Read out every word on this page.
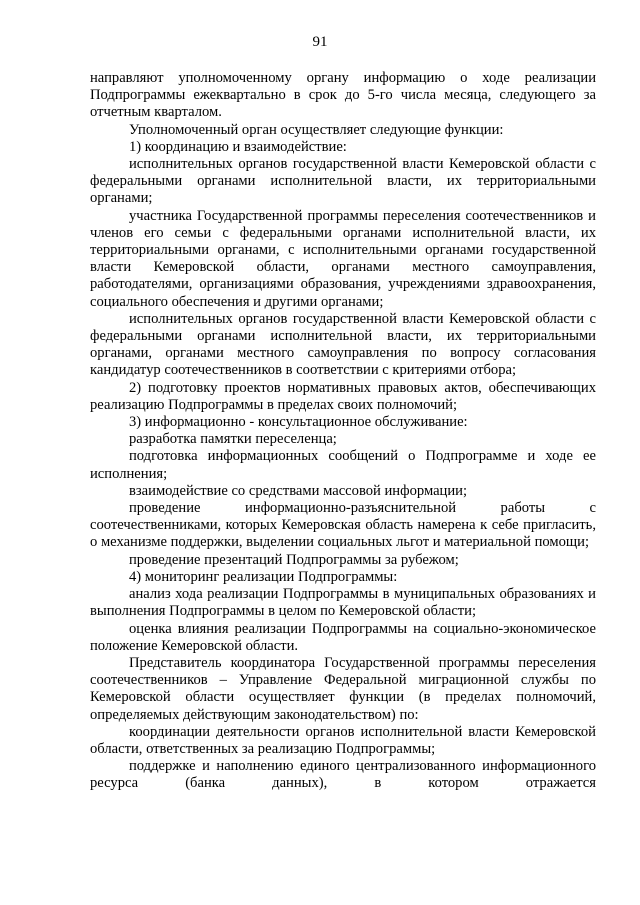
91

направляют уполномоченному органу информацию о ходе реализации Подпрограммы ежеквартально в срок до 5-го числа месяца, следующего за отчетным кварталом.

Уполномоченный орган осуществляет следующие функции:

1) координацию и взаимодействие:

исполнительных органов государственной власти Кемеровской области с федеральными органами исполнительной власти, их территориальными органами;

участника Государственной программы переселения соотечественников и членов его семьи с федеральными органами исполнительной власти, их территориальными органами, с исполнительными органами государственной власти Кемеровской области, органами местного самоуправления, работодателями, организациями образования, учреждениями здравоохранения, социального обеспечения и другими органами;

исполнительных органов государственной власти Кемеровской области с федеральными органами исполнительной власти, их территориальными органами, органами местного самоуправления по вопросу согласования кандидатур соотечественников в соответствии с критериями отбора;

2) подготовку проектов нормативных правовых актов, обеспечивающих реализацию Подпрограммы в пределах своих полномочий;

3) информационно - консультационное обслуживание:

разработка памятки переселенца;

подготовка информационных сообщений о Подпрограмме и ходе ее исполнения;

взаимодействие со средствами массовой информации;

проведение информационно-разъяснительной работы с соотечественниками, которых Кемеровская область намерена к себе пригласить, о механизме поддержки, выделении социальных льгот и материальной помощи;

проведение презентаций Подпрограммы за рубежом;

4) мониторинг реализации Подпрограммы:

анализ хода реализации Подпрограммы в муниципальных образованиях и выполнения Подпрограммы в целом по Кемеровской области;

оценка влияния реализации Подпрограммы на социально-экономическое положение Кемеровской области.

Представитель координатора Государственной программы переселения соотечественников – Управление Федеральной миграционной службы по Кемеровской области осуществляет функции (в пределах полномочий, определяемых действующим законодательством) по:

координации деятельности органов исполнительной власти Кемеровской области, ответственных за реализацию Подпрограммы;

поддержке и наполнению единого централизованного информационного ресурса (банка данных), в котором отражается
